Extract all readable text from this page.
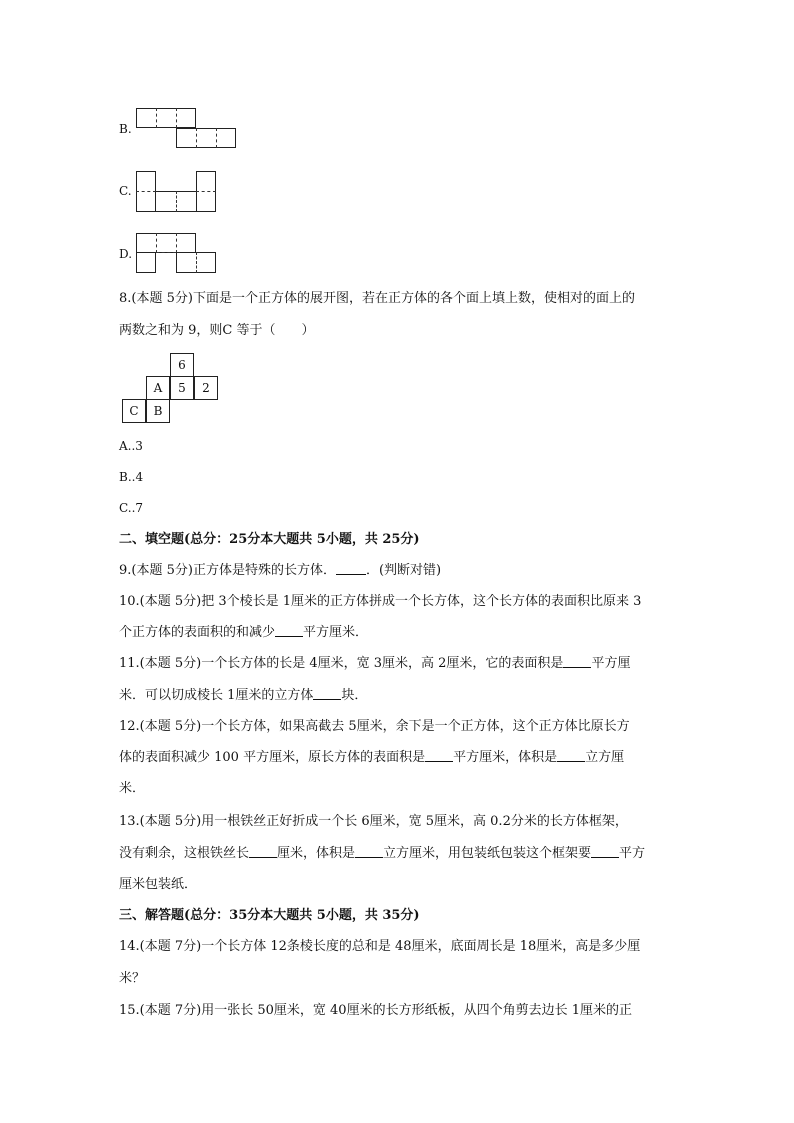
B.
C.
D.
8.(本题 5分)下面是一个正方体的展开图，若在正方体的各个面上填上数，使相对的面上的
两数之和为 9，则C 等于（　　）
6
A	5	2
C	B
A..3
B..4
C..7
二、填空题(总分：25分本大题共 5小题，共 25分)
9.(本题 5分)正方体是特殊的长方体． ．(判断对错)
10.(本题 5分)把 3个棱长是 1厘米的正方体拼成一个长方体，这个长方体的表面积比原来 3
个正方体的表面积的和减少 平方厘米．
11.(本题 5分)一个长方体的长是 4厘米，宽 3厘米，高 2厘米，它的表面积是 平方厘
米．可以切成棱长 1厘米的立方体 块．
12.(本题 5分)一个长方体，如果高截去 5厘米，余下是一个正方体，这个正方体比原长方
体的表面积减少 100 平方厘米，原长方体的表面积是 平方厘米，体积是 立方厘
米．
13.(本题 5分)用一根铁丝正好折成一个长 6厘米，宽 5厘米，高 0.2分米的长方体框架，
没有剩余，这根铁丝长 厘米，体积是 立方厘米，用包装纸包装这个框架要 平方
厘米包装纸．
三、解答题(总分：35分本大题共 5小题，共 35分)
14.(本题 7分)一个长方体 12条棱长度的总和是 48厘米，底面周长是 18厘米，高是多少厘
米？
15.(本题 7分)用一张长 50厘米，宽 40厘米的长方形纸板，从四个角剪去边长 1厘米的正
